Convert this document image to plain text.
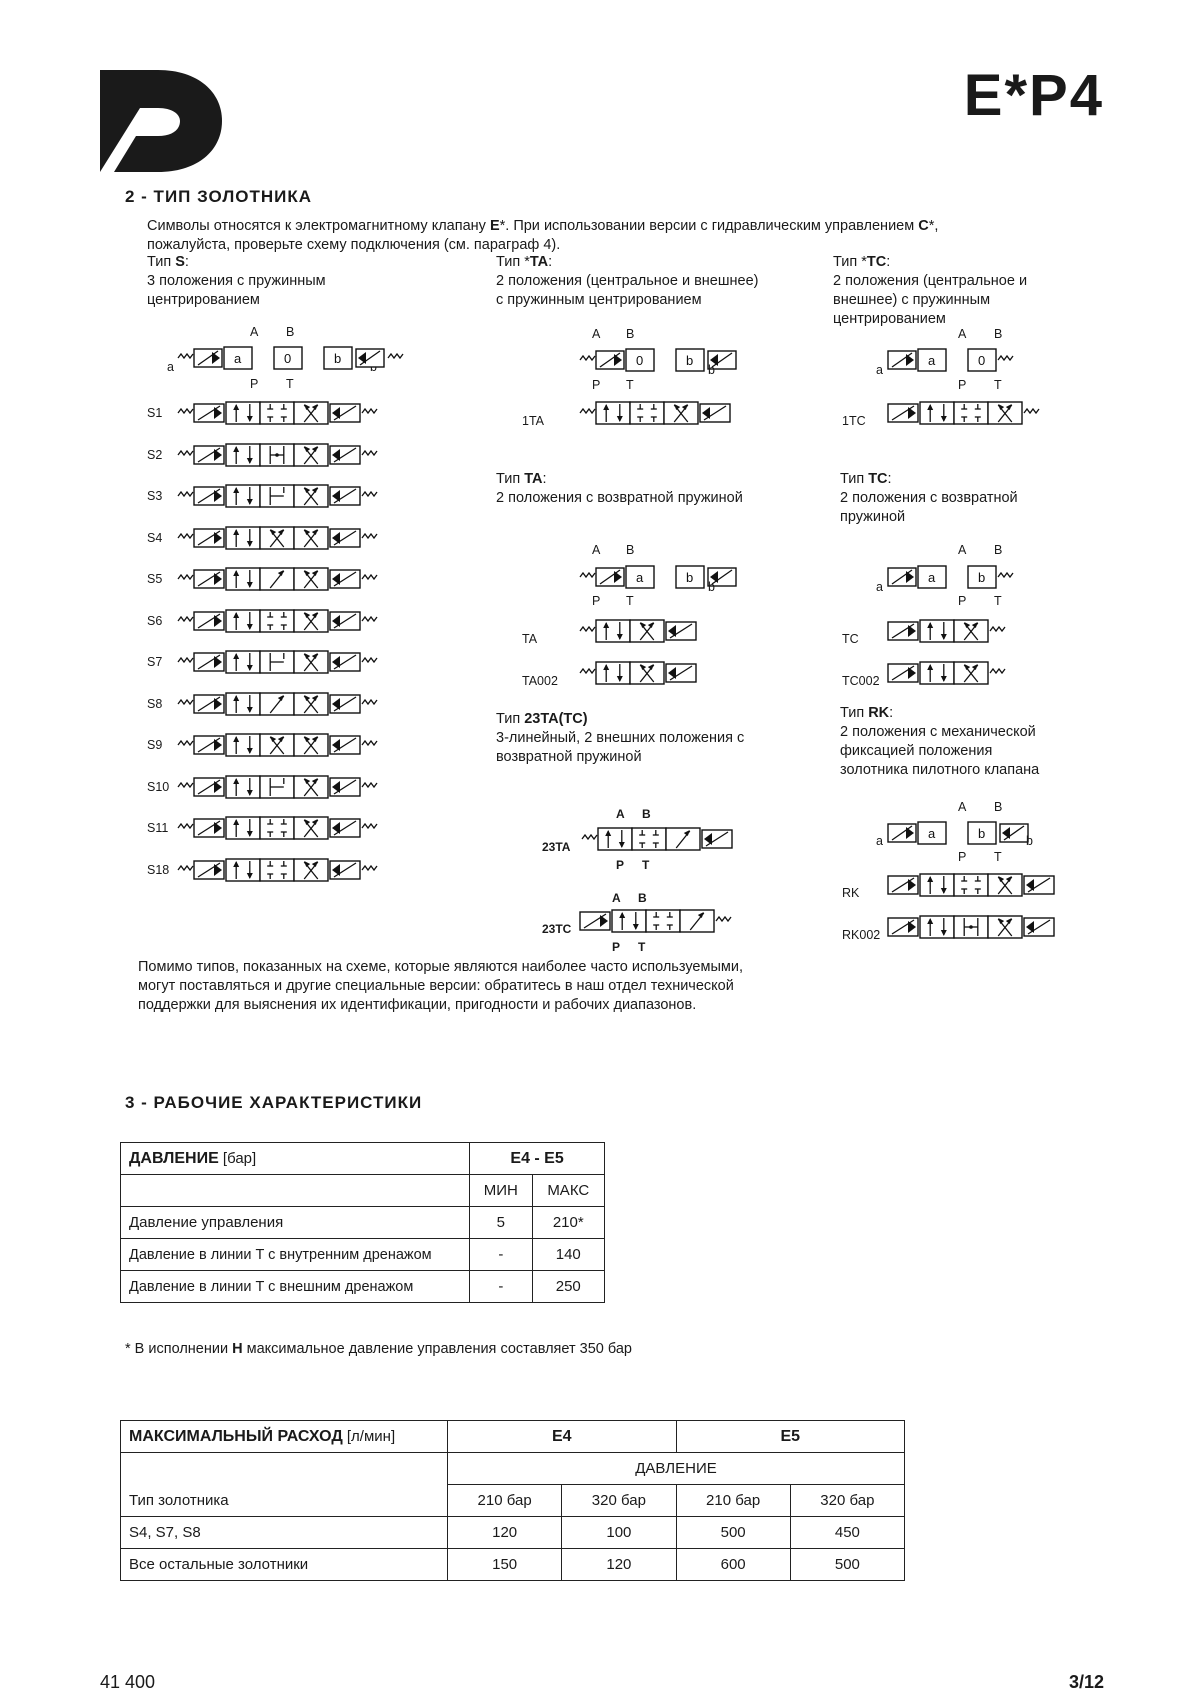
E*P4
2 - ТИП ЗОЛОТНИКА
Символы относятся к электромагнитному клапану E*. При использовании версии с гидравлическим управлением C*,
пожалуйста, проверьте схему подключения (см. параграф 4).
Тип S:
3 положения с пружинным
центрированием
Тип *TA:
2 положения (центральное и внешнее)
с пружинным центрированием
Тип *TC:
2 положения (центральное и
внешнее) с пружинным
центрированием
Тип TA:
2 положения с возвратной пружиной
Тип TC:
2 положения с возвратной
пружиной
Тип 23TA(TC)
3-линейный, 2 внешних положения с
возвратной пружиной
Тип RK:
2 положения с механической
фиксацией положения
золотника пилотного клапана
A B
P T
a
a	0	b
S1
S2
S3
S4
S5
S6
S7
S8
S9
S10
S11
S18
A B
0	b
P T
b
1TA
A B
a	0
P T
a
1TC
A B
a	b
P T
b
TA
TA002
A B
a	b
P T
a
TC
TC002
A B
23TA
P T
A B
23TC
P T
A B
a	b
a	b
P T
RK
RK002
Помимо типов, показанных на схеме, которые являются наиболее часто используемыми,
могут поставляться и другие специальные версии: обратитесь в наш отдел технической
поддержки для выяснения их идентификации, пригодности и рабочих диапазонов.
3 - РАБОЧИЕ ХАРАКТЕРИСТИКИ
ДАВЛЕНИЕ [бар]	E4 - E5	
	МИН	МАКС
Давление управления	5	210*
Давление в линии T с внутренним дренажом	-	140
Давление в линии T с внешним дренажом	-	250
* В исполнении H максимальное давление управления составляет 350 бар
МАКСИМАЛЬНЫЙ РАСХОД [л/мин]	E4		E5	
	ДАВЛЕНИЕ			
Тип золотника	210 бар	320 бар	210 бар	320 бар
S4, S7, S8	120	100	500	450
Все остальные золотники	150	120	600	500
41 400	3/12
